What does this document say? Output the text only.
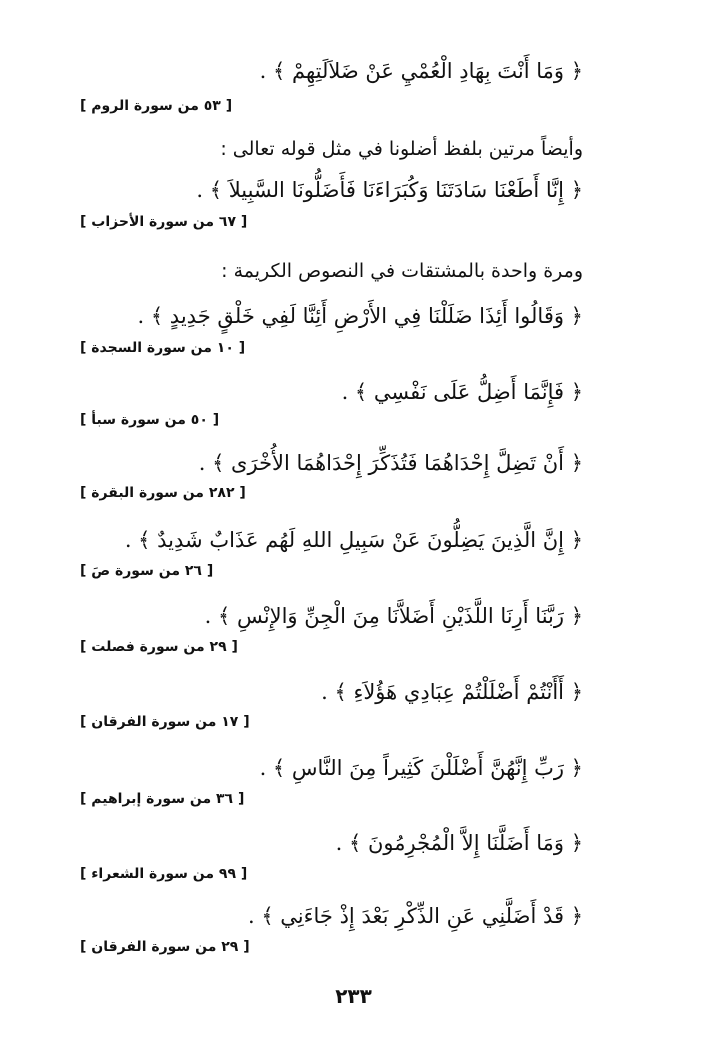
﴿ وَمَا أَنْتَ بِهَادِ الْعُمْيِ عَنْ ضَلاَلَتِهِمْ ﴾ .
[ ٥٣ من سورة الروم ]
وأيضاً مرتين بلفظ أضلونا في مثل قوله تعالى :
﴿ إِنَّا أَطَعْنَا سَادَتَنَا وَكُبَرَاءَنَا فَأَضَلُّونَا السَّبِيلاَ ﴾ .
[ ٦٧ من سورة الأحزاب ]
ومرة واحدة بالمشتقات في النصوص الكريمة :
﴿ وَقَالُوا أَئِذَا ضَلَلْنَا فِي الأَرْضِ أَئِنَّا لَفِي خَلْقٍ جَدِيدٍ ﴾ .
[ ١٠ من سورة السجدة ]
﴿ فَإِنَّمَا أَضِلُّ عَلَى نَفْسِي ﴾ .
[ ٥٠ من سورة سبأ ]
﴿ أَنْ تَضِلَّ إِحْدَاهُمَا فَتُذَكِّرَ إِحْدَاهُمَا الأُخْرَى ﴾ .
[ ٢٨٢ من سورة البقرة ]
﴿ إِنَّ الَّذِينَ يَضِلُّونَ عَنْ سَبِيلِ اللهِ لَهُم عَذَابٌ شَدِيدٌ ﴾ .
[ ٢٦ من سورة صَ ]
﴿ رَبَّنَا أَرِنَا اللَّذَيْنِ أَضَلاَّنَا مِنَ الْجِنِّ وَالإِنْسِ ﴾ .
[ ٢٩ من سورة فصلت ]
﴿ أَأَنْتُمْ أَضْلَلْتُمْ عِبَادِي هَؤُلاَءِ ﴾ .
[ ١٧ من سورة الفرقان ]
﴿ رَبِّ إِنَّهُنَّ أَضْلَلْنَ كَثِيراً مِنَ النَّاسِ ﴾ .
[ ٣٦ من سورة إبراهيم ]
﴿ وَمَا أَضَلَّنَا إِلاَّ الْمُجْرِمُونَ ﴾ .
[ ٩٩ من سورة الشعراء ]
﴿ قَدْ أَضَلَّنِي عَنِ الذِّكْرِ بَعْدَ إِذْ جَاءَنِي ﴾ .
[ ٢٩ من سورة الفرقان ]
٢٣٣
